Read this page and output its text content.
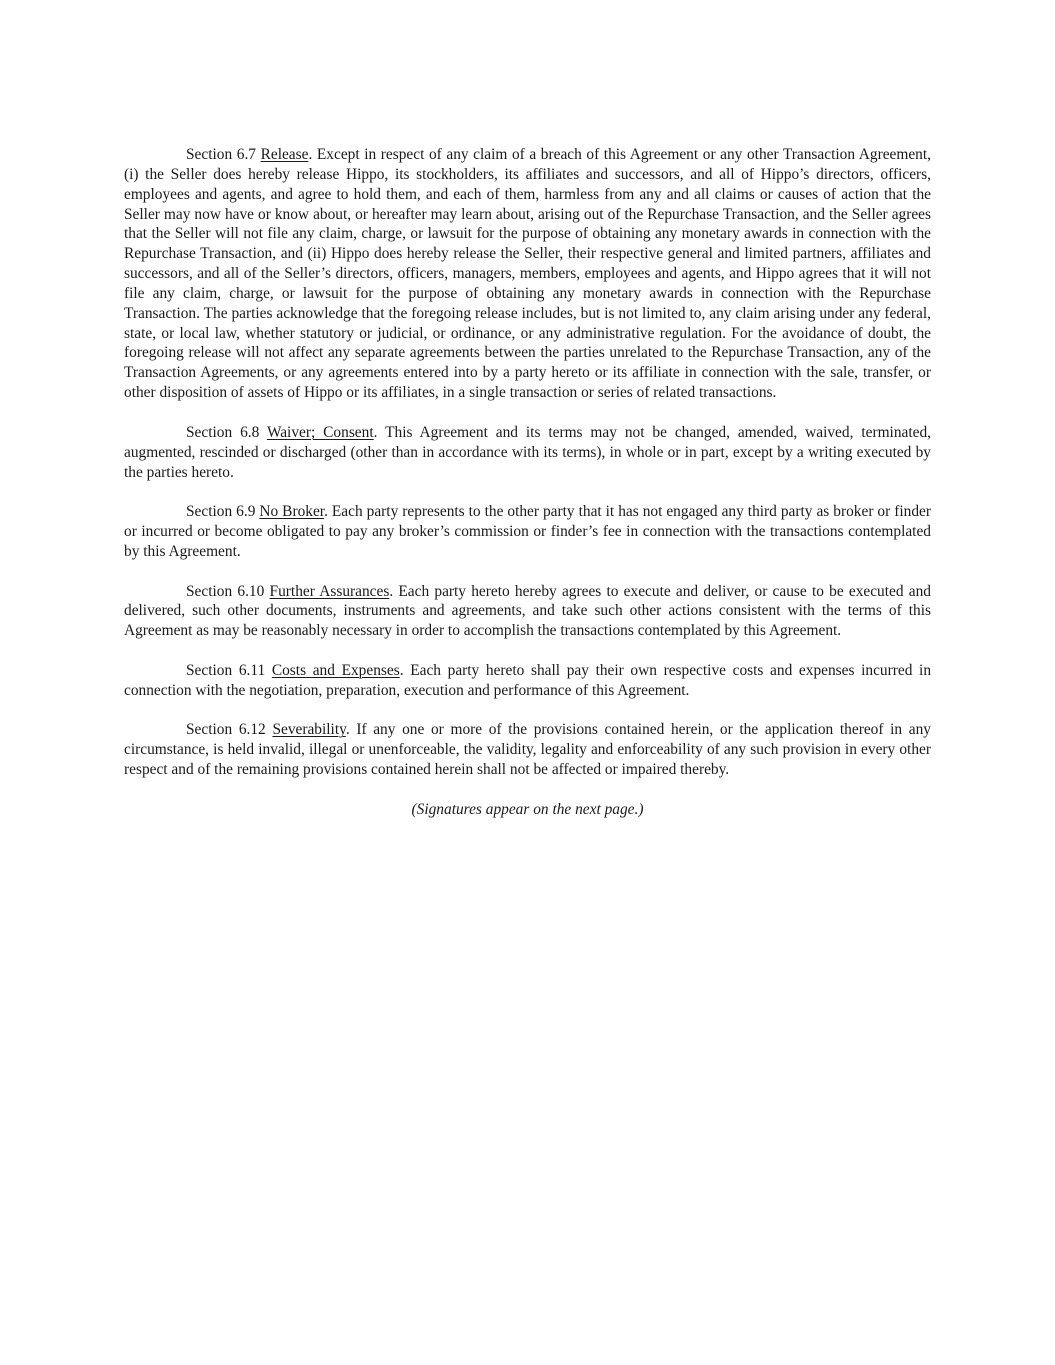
Section 6.7 Release. Except in respect of any claim of a breach of this Agreement or any other Transaction Agreement, (i) the Seller does hereby release Hippo, its stockholders, its affiliates and successors, and all of Hippo’s directors, officers, employees and agents, and agree to hold them, and each of them, harmless from any and all claims or causes of action that the Seller may now have or know about, or hereafter may learn about, arising out of the Repurchase Transaction, and the Seller agrees that the Seller will not file any claim, charge, or lawsuit for the purpose of obtaining any monetary awards in connection with the Repurchase Transaction, and (ii) Hippo does hereby release the Seller, their respective general and limited partners, affiliates and successors, and all of the Seller’s directors, officers, managers, members, employees and agents, and Hippo agrees that it will not file any claim, charge, or lawsuit for the purpose of obtaining any monetary awards in connection with the Repurchase Transaction. The parties acknowledge that the foregoing release includes, but is not limited to, any claim arising under any federal, state, or local law, whether statutory or judicial, or ordinance, or any administrative regulation. For the avoidance of doubt, the foregoing release will not affect any separate agreements between the parties unrelated to the Repurchase Transaction, any of the Transaction Agreements, or any agreements entered into by a party hereto or its affiliate in connection with the sale, transfer, or other disposition of assets of Hippo or its affiliates, in a single transaction or series of related transactions.

Section 6.8 Waiver; Consent. This Agreement and its terms may not be changed, amended, waived, terminated, augmented, rescinded or discharged (other than in accordance with its terms), in whole or in part, except by a writing executed by the parties hereto.

Section 6.9 No Broker. Each party represents to the other party that it has not engaged any third party as broker or finder or incurred or become obligated to pay any broker’s commission or finder’s fee in connection with the transactions contemplated by this Agreement.

Section 6.10 Further Assurances. Each party hereto hereby agrees to execute and deliver, or cause to be executed and delivered, such other documents, instruments and agreements, and take such other actions consistent with the terms of this Agreement as may be reasonably necessary in order to accomplish the transactions contemplated by this Agreement.

Section 6.11 Costs and Expenses. Each party hereto shall pay their own respective costs and expenses incurred in connection with the negotiation, preparation, execution and performance of this Agreement.

Section 6.12 Severability. If any one or more of the provisions contained herein, or the application thereof in any circumstance, is held invalid, illegal or unenforceable, the validity, legality and enforceability of any such provision in every other respect and of the remaining provisions contained herein shall not be affected or impaired thereby.

(Signatures appear on the next page.)
